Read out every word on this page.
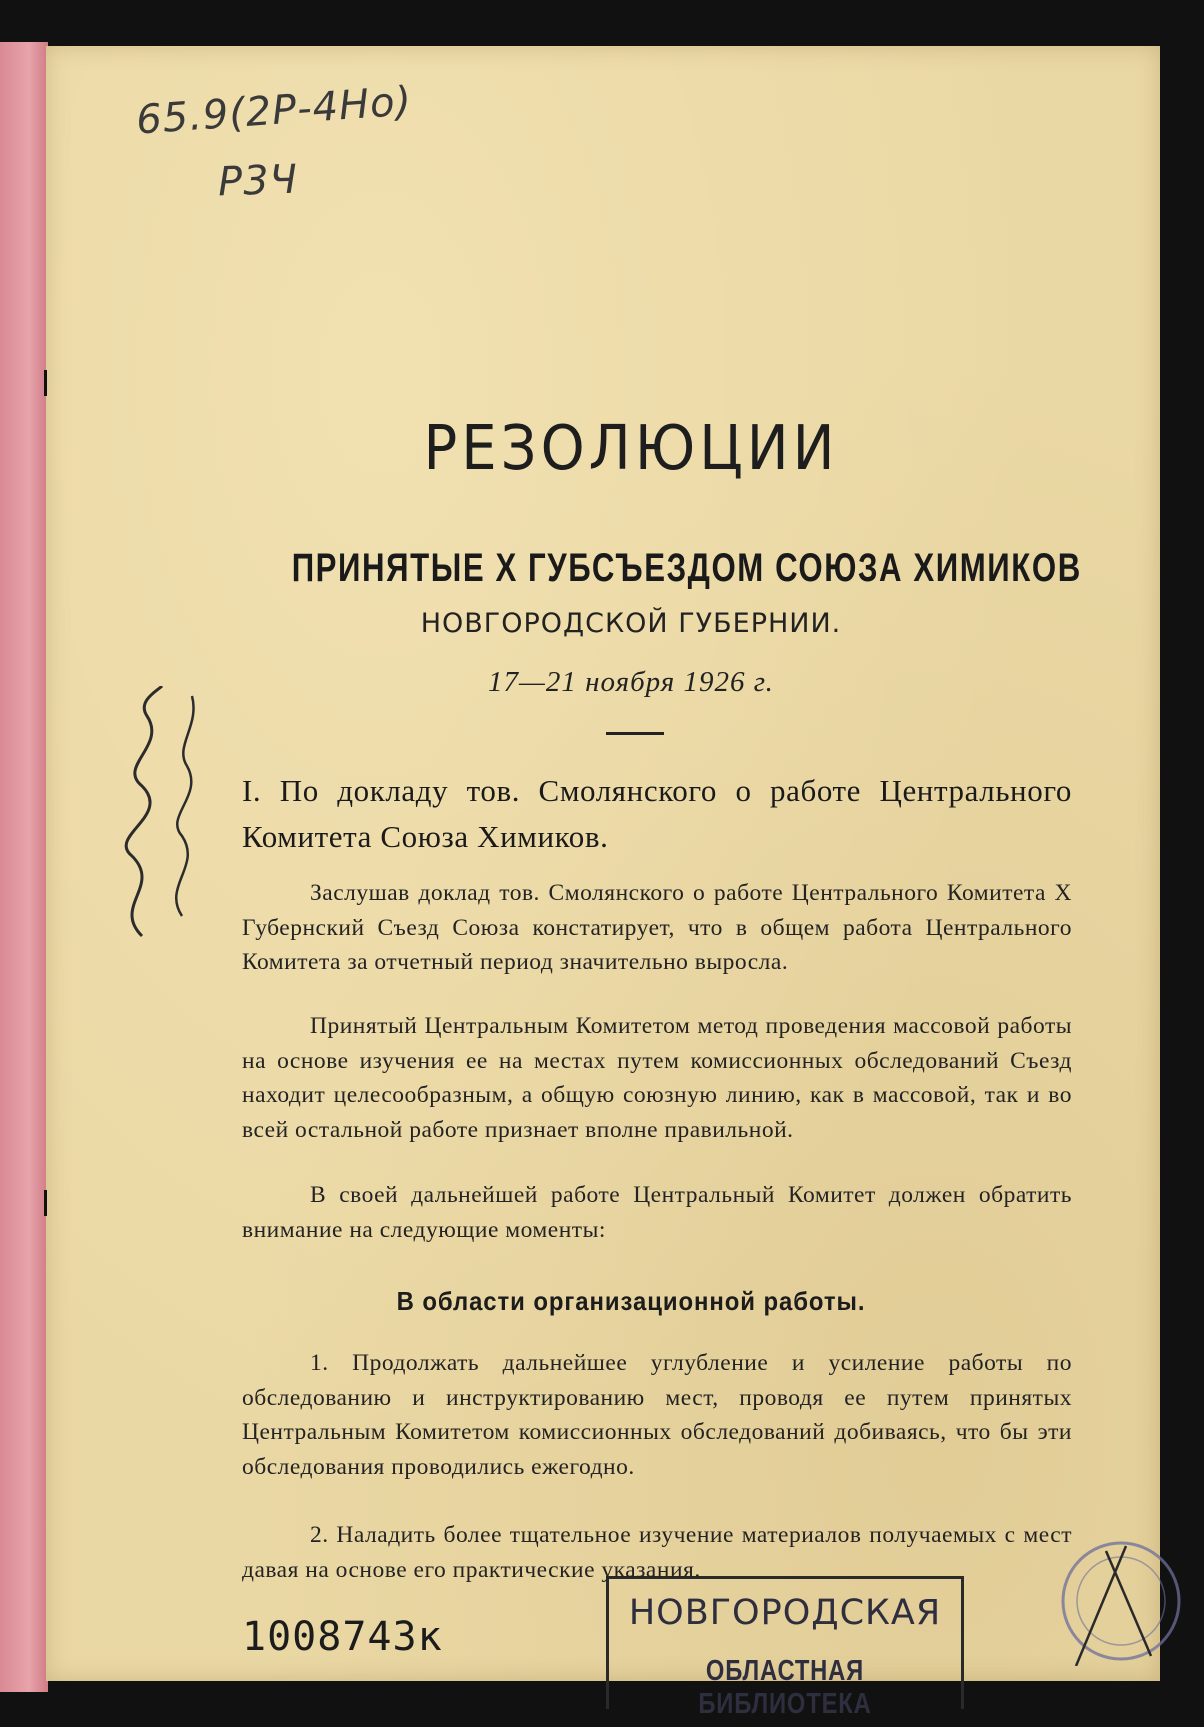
65.9(2Р-4Но)
Р3Ч
1008743к
НОВГОРОДСКАЯ
ОБЛАСТНАЯ БИБЛИОТЕКА
РЕЗОЛЮЦИИ
ПРИНЯТЫЕ Х ГУБСЪЕЗДОМ СОЮЗА ХИМИКОВ
НОВГОРОДСКОЙ ГУБЕРНИИ.
17—21 ноября 1926 г.
I. По докладу тов. Смолянского о работе Центрального Комитета Союза Химиков.
Заслушав доклад тов. Смолянского о работе Центрального Комитета Х Губернский Съезд Союза констатирует, что в общем работа Центрального Комитета за отчетный период значительно выросла.
Принятый Центральным Комитетом метод проведения массовой работы на основе изучения ее на местах путем комиссионных обследований Съезд находит целесообразным, а общую союзную линию, как в массовой, так и во всей остальной работе признает вполне правильной.
В своей дальнейшей работе Центральный Комитет должен обратить внимание на следующие моменты:
В области организационной работы.
1. Продолжать дальнейшее углубление и усиление работы по обследованию и инструктированию мест, проводя ее путем принятых Центральным Комитетом комиссионных обследований добиваясь, что бы эти обследования проводились ежегодно.
2. Наладить более тщательное изучение материалов получаемых с мест давая на основе его практические указания.
